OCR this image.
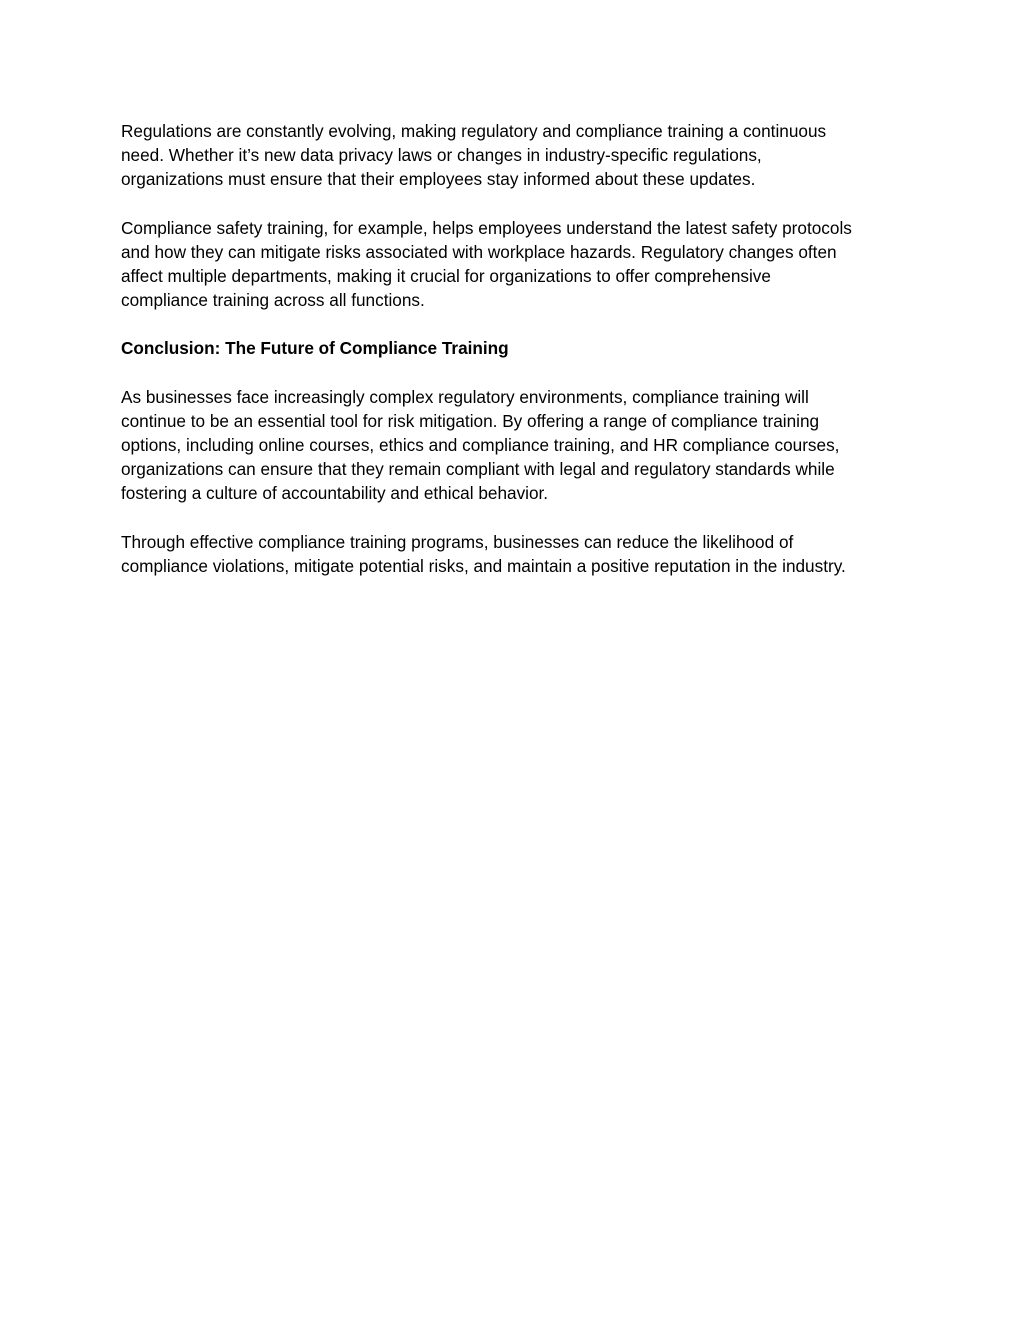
Regulations are constantly evolving, making regulatory and compliance training a continuous
need. Whether it’s new data privacy laws or changes in industry-specific regulations,
organizations must ensure that their employees stay informed about these updates.

Compliance safety training, for example, helps employees understand the latest safety protocols
and how they can mitigate risks associated with workplace hazards. Regulatory changes often
affect multiple departments, making it crucial for organizations to offer comprehensive
compliance training across all functions.

Conclusion: The Future of Compliance Training

As businesses face increasingly complex regulatory environments, compliance training will
continue to be an essential tool for risk mitigation. By offering a range of compliance training
options, including online courses, ethics and compliance training, and HR compliance courses,
organizations can ensure that they remain compliant with legal and regulatory standards while
fostering a culture of accountability and ethical behavior.

Through effective compliance training programs, businesses can reduce the likelihood of
compliance violations, mitigate potential risks, and maintain a positive reputation in the industry.
